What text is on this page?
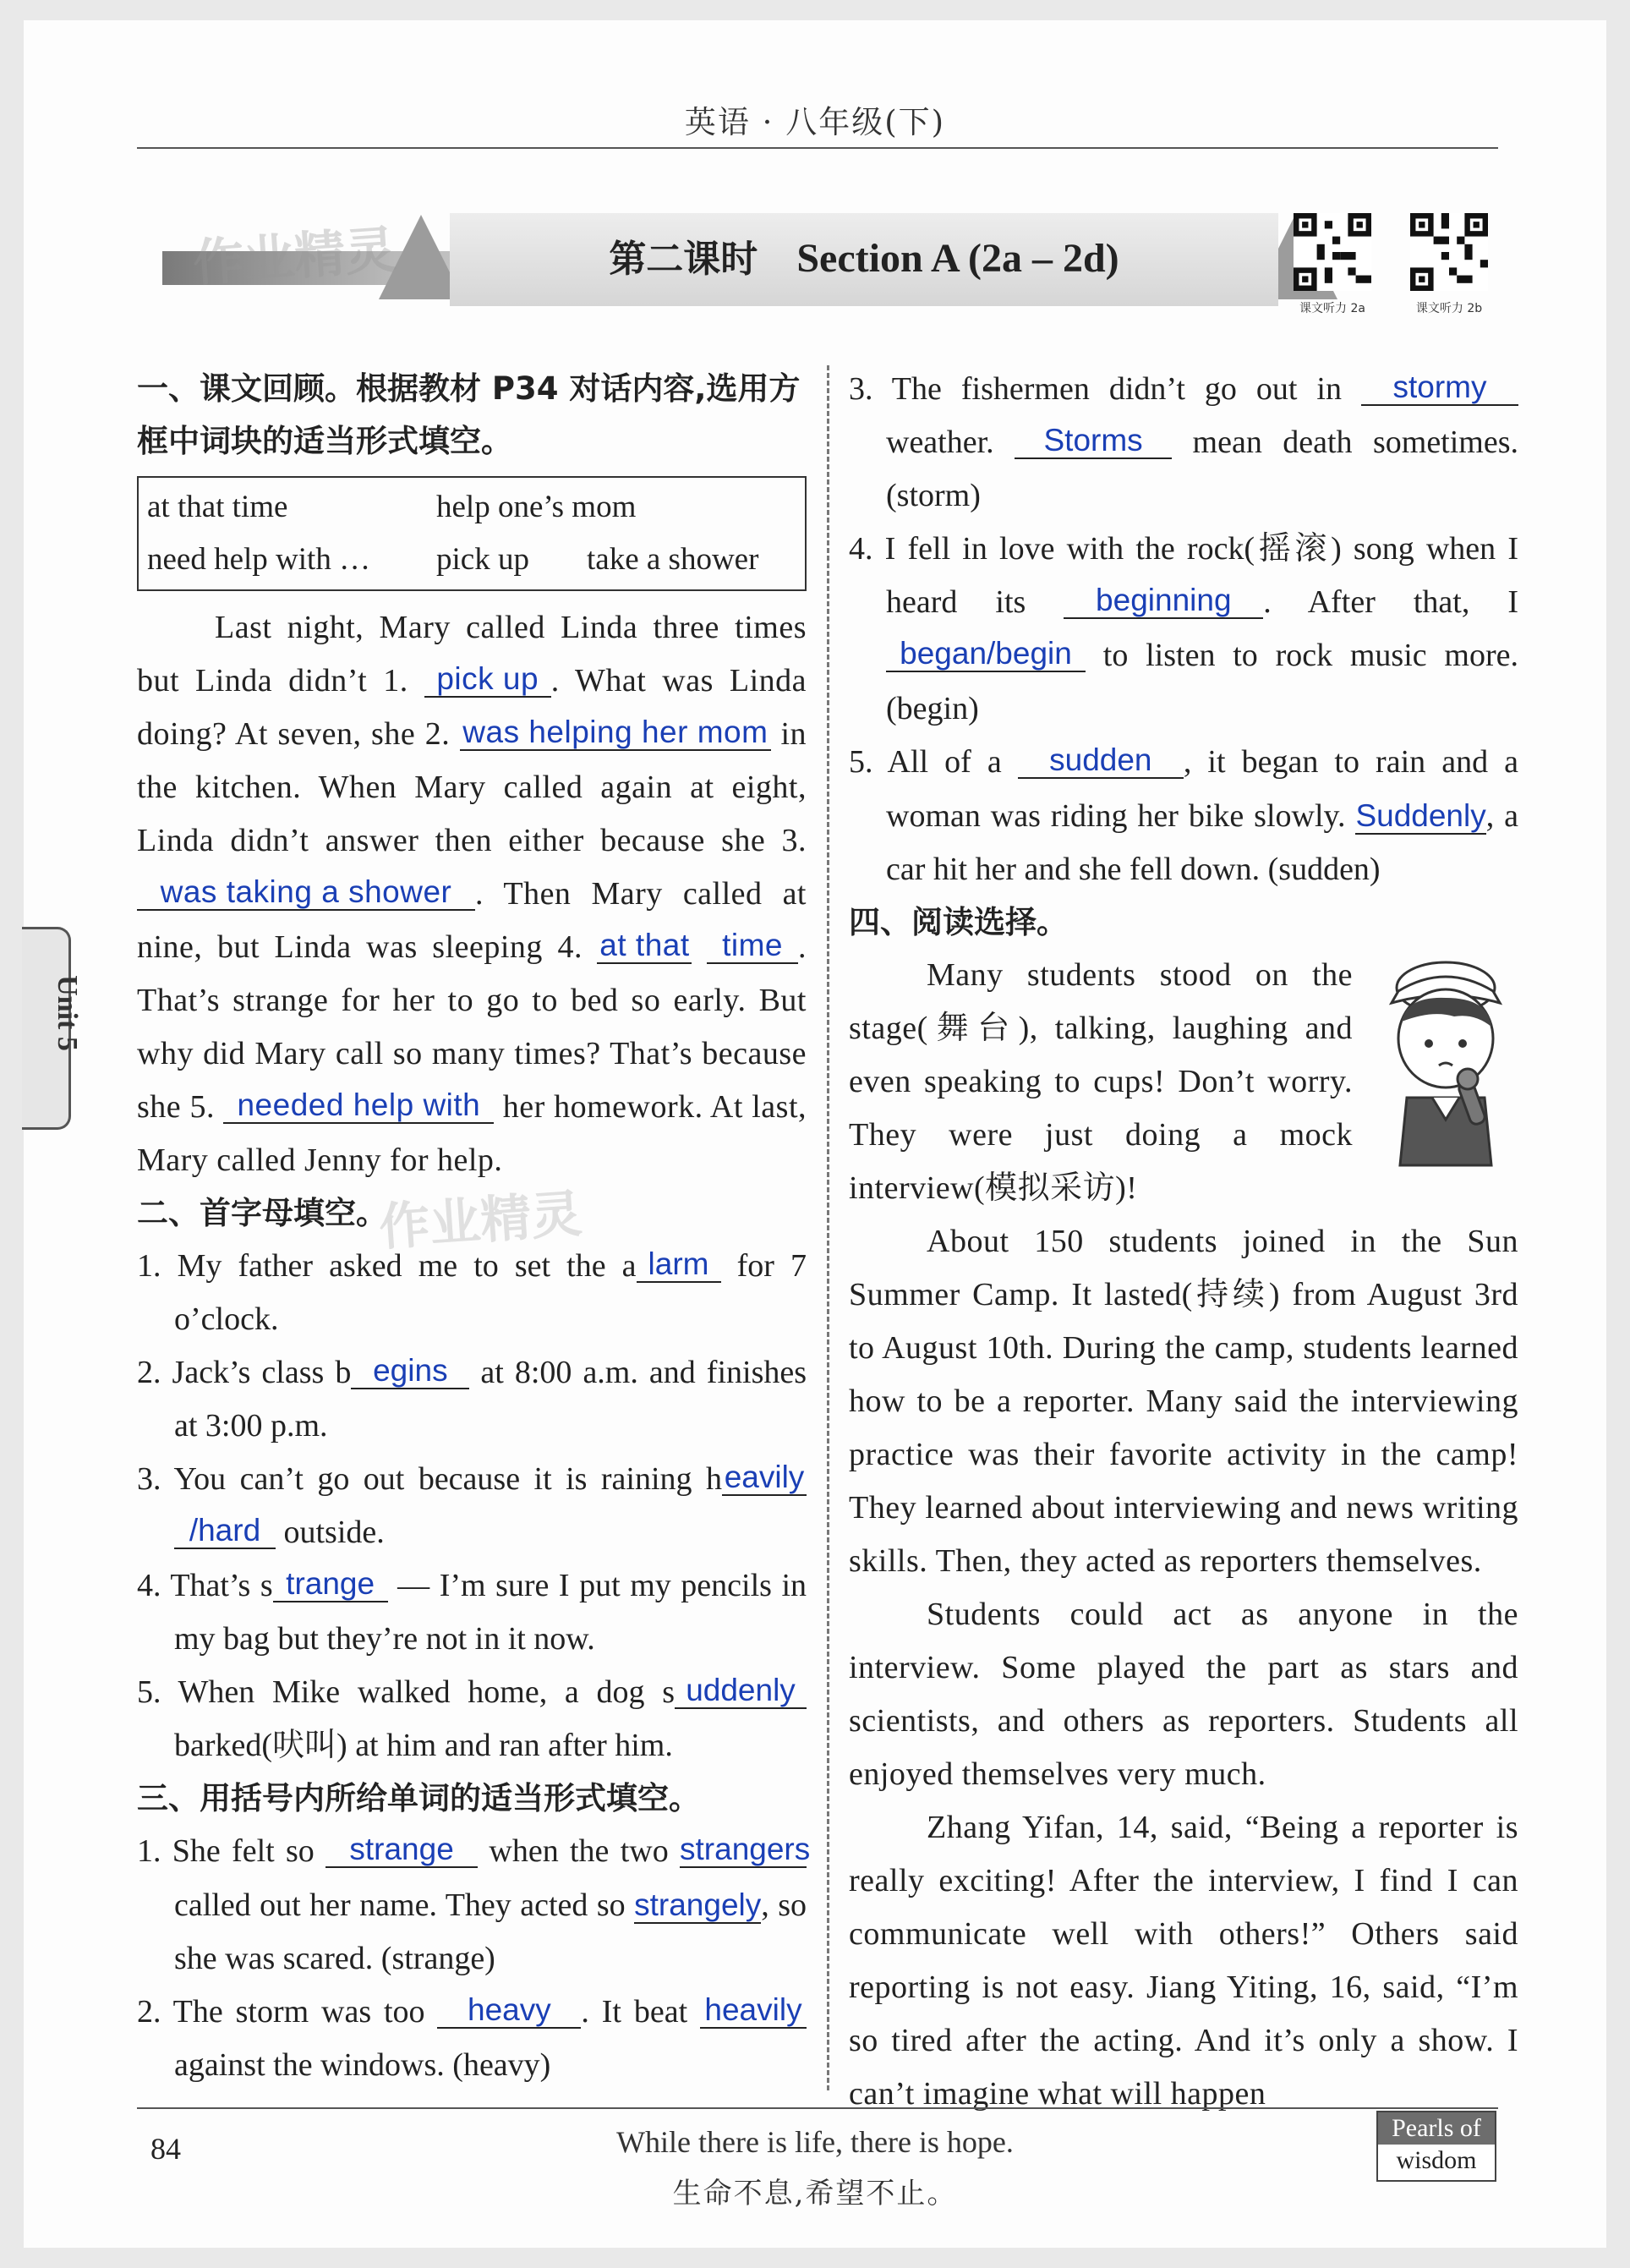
英语 · 八年级(下)
第二课时 Section A (2a – 2d)
作业精灵
课文听力 2a	课文听力 2b
Unit 5
一、课文回顾。根据教材 P34 对话内容,选用方框中词块的适当形式填空。
at that time	help one’s mom
need help with …	pick up	take a shower
Last night, Mary called Linda three times but Linda didn’t 1. pick up . What was Linda doing? At seven, she 2. was helping her mom in the kitchen. When Mary called again at eight, Linda didn’t answer then either because she 3. was taking a shower . Then Mary called at nine, but Linda was sleeping 4. at that time . That’s strange for her to go to bed so early. But why did Mary call so many times? That’s because she 5. needed help with her homework. At last, Mary called Jenny for help.
二、首字母填空。
1. My father asked me to set the a larm for 7 o’clock.
2. Jack’s class b egins at 8:00 a.m. and finishes at 3:00 p.m.
3. You can’t go out because it is raining heavily /hard outside.
4. That’s s trange — I’m sure I put my pencils in my bag but they’re not in it now.
5. When Mike walked home, a dog s uddenly barked(吠叫) at him and ran after him.
三、用括号内所给单词的适当形式填空。
1. She felt so strange when the two strangers called out her name. They acted so strangely, so she was scared. (strange)
2. The storm was too heavy . It beat heavily against the windows. (heavy)
3. The fishermen didn’t go out in stormy weather. Storms mean death sometimes. (storm)
4. I fell in love with the rock(摇滚) song when I heard its beginning . After that, I began/begin to listen to rock music more. (begin)
5. All of a sudden , it began to rain and a woman was riding her bike slowly. Suddenly, a car hit her and she fell down. (sudden)
四、阅读选择。
Many students stood on the stage(舞台), talking, laughing and even speaking to cups! Don’t worry. They were just doing a mock interview(模拟采访)!
About 150 students joined in the Sun Summer Camp. It lasted(持续) from August 3rd to August 10th. During the camp, students learned how to be a reporter. Many said the interviewing practice was their favorite activity in the camp! They learned about interviewing and news writing skills. Then, they acted as reporters themselves.
Students could act as anyone in the interview. Some played the part as stars and scientists, and others as reporters. Students all enjoyed themselves very much.
Zhang Yifan, 14, said, “Being a reporter is really exciting! After the interview, I find I can communicate well with others!” Others said reporting is not easy. Jiang Yiting, 16, said, “I’m so tired after the acting. And it’s only a show. I can’t imagine what will happen
作业精灵
84	While there is life, there is hope.
生命不息,希望不止。
Pearls of
wisdom
